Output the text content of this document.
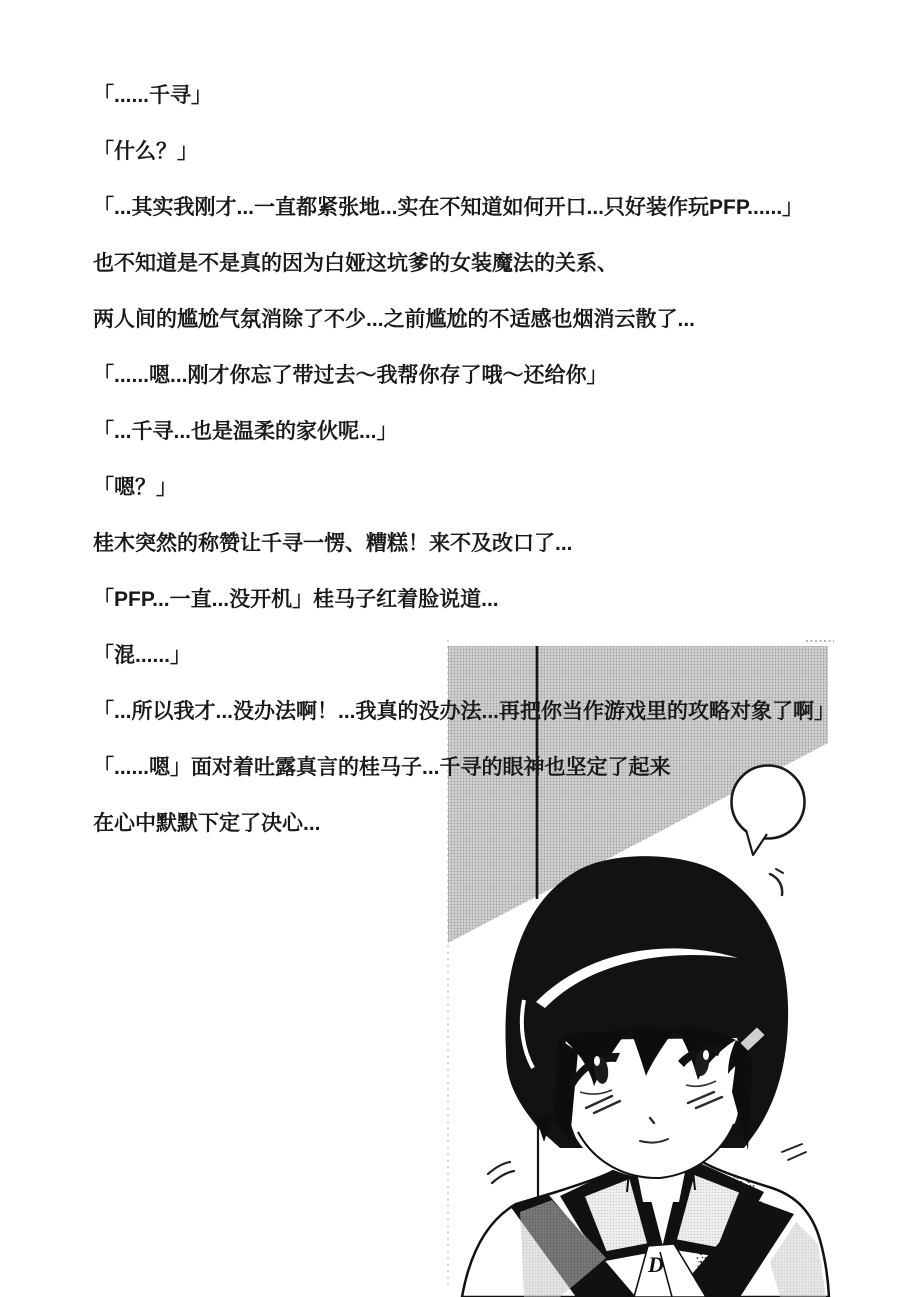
D
「......千寻」
「什么？」
「...其实我刚才...一直都紧张地...实在不知道如何开口...只好装作玩PFP......」
也不知道是不是真的因为白娅这坑爹的女装魔法的关系、
两人间的尴尬气氛消除了不少...之前尴尬的不适感也烟消云散了...
「......嗯...刚才你忘了带过去～我帮你存了哦～还给你」
「...千寻...也是温柔的家伙呢...」
「嗯？」
桂木突然的称赞让千寻一愣、糟糕！来不及改口了...
「PFP...一直...没开机」桂马子红着脸说道...
「混......」
「...所以我才...没办法啊！...我真的没办法...再把你当作游戏里的攻略对象了啊」
「......嗯」面对着吐露真言的桂马子...千寻的眼神也坚定了起来
在心中默默下定了决心...
